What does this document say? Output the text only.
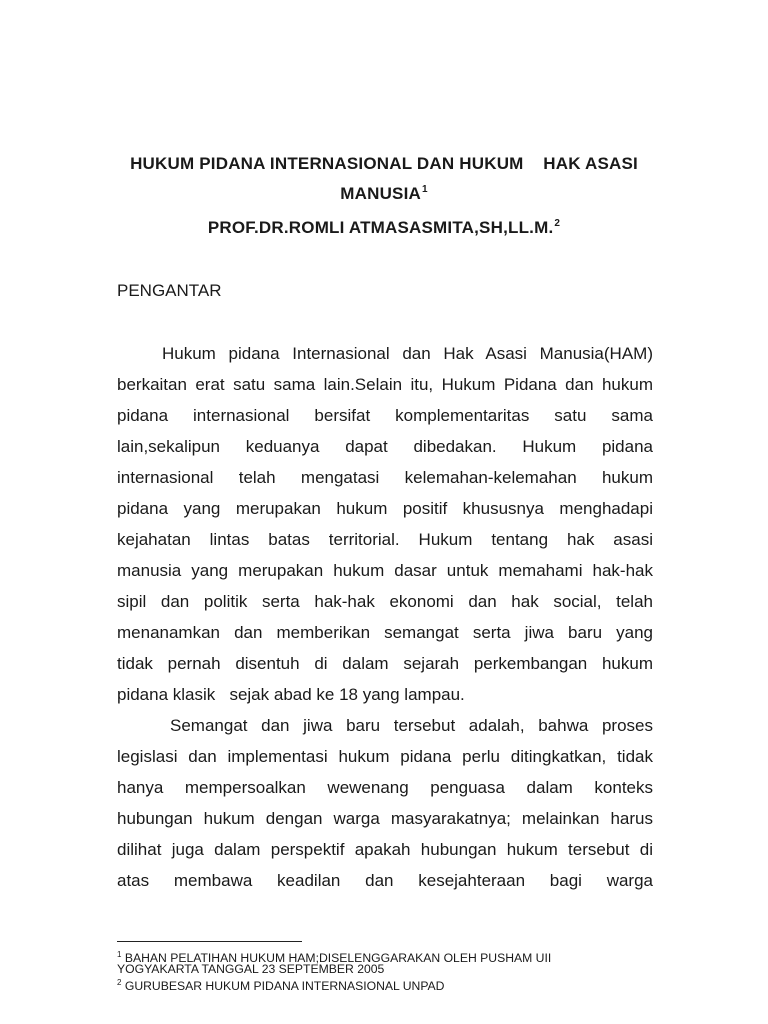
HUKUM PIDANA INTERNASIONAL DAN HUKUM    HAK ASASI
MANUSIA$^1$
PROF.DR.ROMLI ATMASASMITA,SH,LL.M.$^2$
PENGANTAR
Hukum pidana Internasional dan Hak Asasi Manusia(HAM)
berkaitan erat satu sama lain.Selain itu, Hukum Pidana dan hukum
pidana internasional bersifat komplementaritas satu sama
lain,sekalipun keduanya dapat dibedakan. Hukum pidana
internasional telah mengatasi kelemahan-kelemahan hukum
pidana yang merupakan hukum positif khususnya menghadapi
kejahatan lintas batas territorial. Hukum tentang hak asasi
manusia yang merupakan hukum dasar untuk memahami hak-hak
sipil dan politik serta hak-hak ekonomi dan hak social, telah
menanamkan dan memberikan semangat serta jiwa baru yang
tidak pernah disentuh di dalam sejarah perkembangan hukum
pidana klasik   sejak abad ke 18 yang lampau.
Semangat dan jiwa baru tersebut adalah, bahwa proses
legislasi dan implementasi hukum pidana perlu ditingkatkan, tidak
hanya mempersoalkan wewenang penguasa dalam konteks
hubungan hukum dengan warga masyarakatnya; melainkan harus
dilihat juga dalam perspektif apakah hubungan hukum tersebut di
atas membawa keadilan dan kesejahteraan bagi warga
$^1$ BAHAN PELATIHAN HUKUM HAM;DISELENGGARAKAN OLEH PUSHAM UII
YOGYAKARTA TANGGAL 23 SEPTEMBER 2005
$^2$ GURUBESAR HUKUM PIDANA INTERNASIONAL UNPAD
